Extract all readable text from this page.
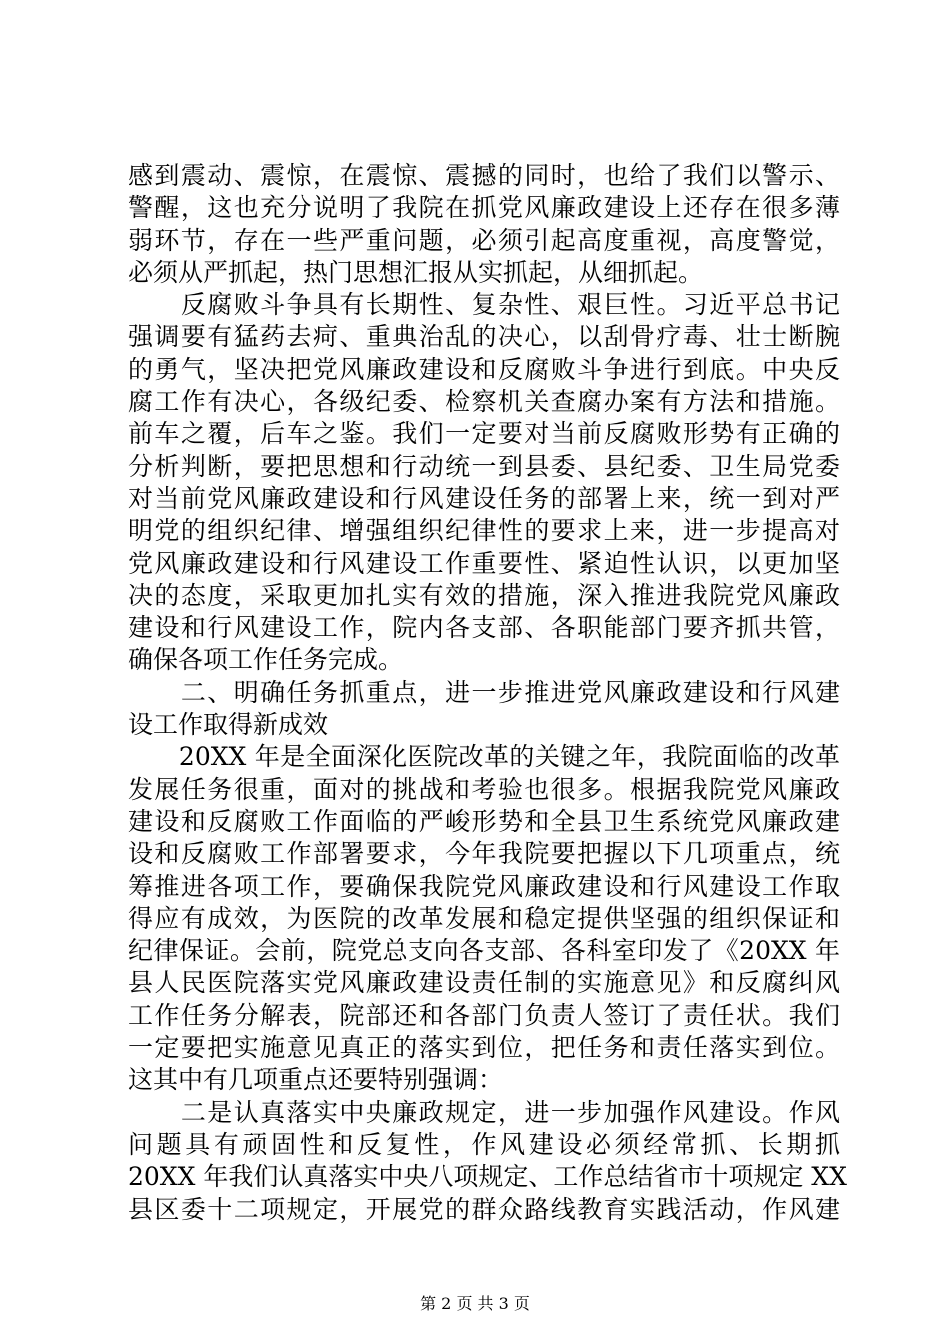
感到震动、震惊，在震惊、震撼的同时，也给了我们以警示、
警醒，这也充分说明了我院在抓党风廉政建设上还存在很多薄
弱环节，存在一些严重问题，必须引起高度重视，高度警觉，
必须从严抓起，热门思想汇报从实抓起，从细抓起。
　　反腐败斗争具有长期性、复杂性、艰巨性。习近平总书记
强调要有猛药去疴、重典治乱的决心，以刮骨疗毒、壮士断腕
的勇气，坚决把党风廉政建设和反腐败斗争进行到底。中央反
腐工作有决心，各级纪委、检察机关查腐办案有方法和措施。
前车之覆，后车之鉴。我们一定要对当前反腐败形势有正确的
分析判断，要把思想和行动统一到县委、县纪委、卫生局党委
对当前党风廉政建设和行风建设任务的部署上来，统一到对严
明党的组织纪律、增强组织纪律性的要求上来，进一步提高对
党风廉政建设和行风建设工作重要性、紧迫性认识，以更加坚
决的态度，采取更加扎实有效的措施，深入推进我院党风廉政
建设和行风建设工作，院内各支部、各职能部门要齐抓共管，
确保各项工作任务完成。
　　二、明确任务抓重点，进一步推进党风廉政建设和行风建
设工作取得新成效
　　20XX 年是全面深化医院改革的关键之年，我院面临的改革
发展任务很重，面对的挑战和考验也很多。根据我院党风廉政
建设和反腐败工作面临的严峻形势和全县卫生系统党风廉政建
设和反腐败工作部署要求，今年我院要把握以下几项重点，统
筹推进各项工作，要确保我院党风廉政建设和行风建设工作取
得应有成效，为医院的改革发展和稳定提供坚强的组织保证和
纪律保证。会前，院党总支向各支部、各科室印发了《20XX 年
县人民医院落实党风廉政建设责任制的实施意见》和反腐纠风
工作任务分解表，院部还和各部门负责人签订了责任状。我们
一定要把实施意见真正的落实到位，把任务和责任落实到位。
这其中有几项重点还要特别强调：
　　二是认真落实中央廉政规定，进一步加强作风建设。作风
问题具有顽固性和反复性，作风建设必须经常抓、长期抓
20XX 年我们认真落实中央八项规定、工作总结省市十项规定 XX
县区委十二项规定，开展党的群众路线教育实践活动，作风建
第 2 页 共 3 页
